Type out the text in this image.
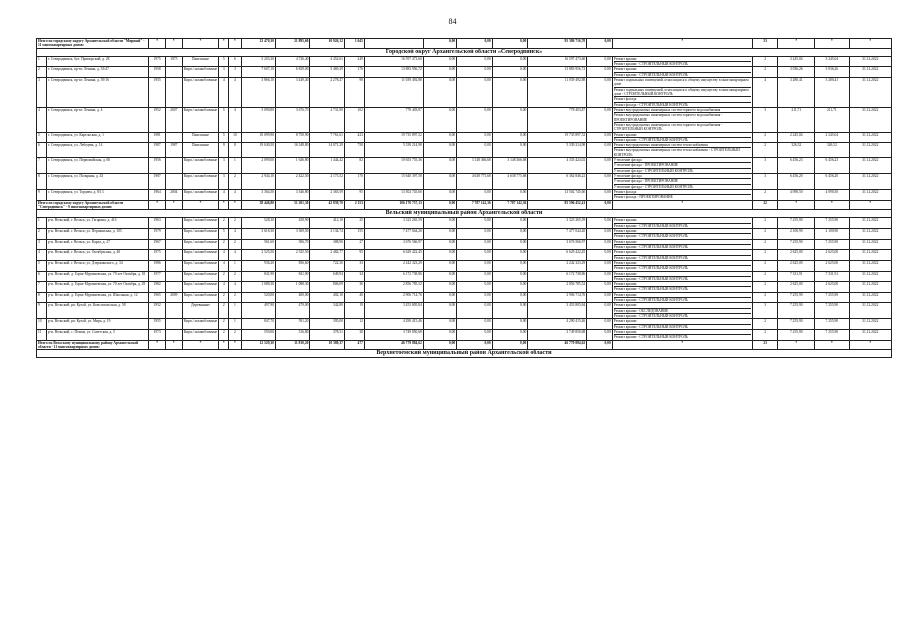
84
Итого по городскому округу Архангельской области "Мирный" - 11 многоквартирных домов:		*	*	*	*	*	23 470,30	21 895,60	10 926,12	1 645		0,00	0,00	0,00	95 386 716,70	0,00	*	53	*	*	*
Городской округ Архангельской области «Северодвинск»																					
1	г. Северодвинск, бул. Приморский, д. 28	1975	1975	Панельные	5	6	5 203,30	4 726,40	4 452,61	249	16 597 473,60	0,00	0,00	0,00	16 597 473,60	0,00	Ремонт крыши
Ремонт крыши - СТРОИТЕЛЬНЫЙ КОНТРОЛЬ	2	3 245,04	3 245,04	31.12.2022
2	г. Северодвинск, пр-кт. Ленина, д. 33/47	1958		Кирп./ шлакоблочные	3	3	7 607,10	6 829,00	5 469,29	176	13 883 956,72	0,00	0,00	0,00	13 883 956,72	0,00	Ремонт крыши
Ремонт крыши - СТРОИТЕЛЬНЫЙ КОНТРОЛЬ	2	3 036,26	3 036,26	31.12.2022
3	г. Северодвинск, пр-кт. Ленина, д. 39/16	1955		Кирп./ шлакоблочные	4	4	3 866,10	3 449,40	2 278,47	98	11 039 492,88	0,00	0,00	0,00	11 039 492,88	0,00	Ремонт подвальных помещений, относящихся к общему имуществу в многоквартирном доме
Ремонт подвальных помещений, относящихся к общему имуществу в многоквартирном доме - СТРОИТЕЛЬНЫЙ КОНТРОЛЬ
Ремонт фасада
Ремонт фасада - СТРОИТЕЛЬНЫЙ КОНТРОЛЬ	4	3 280,41	3 280,41	31.12.2022
4	г. Северодвинск, пр-кт. Ленина, д. 4	1952	2007	Кирп./ шлакоблочные	5	4	3 090,80	3 676,70	2 731,90	102	778 403,87	0,00	0,00	0,00	778 403,87	0,00	Ремонт внутридомовых инженерных систем горячего водоснабжения
Ремонт внутридомовых инженерных систем горячего водоснабжения - ПРОЕКТИРОВАНИЕ
Ремонт внутридомовых инженерных систем горячего водоснабжения - СТРОИТЕЛЬНЫЙ КОНТРОЛЬ	3	211,71	211,71	31.12.2022
5	г. Северодвинск, ул. Карельская, д. 1	1981		Панельные	5	10	10 099,90	8 750,90	7 761,61	423	19 735 897,52	0,00	0,00	0,00	19 735 897,52	0,00	Ремонт крыши
Ремонт крыши - СТРОИТЕЛЬНЫЙ КОНТРОЛЬ	2	2 245,04	2 245,04	31.12.2022
6	г. Северодвинск, ул. Лебедева, д. 14	1987	1987	Панельные	9	8	19 040,50	16 348,80	14 071,29	758	5 339 214,98	0,00	0,00	0,00	5 339 214,98	0,00	Ремонт внутридомовых инженерных систем теплоснабжения
Ремонт внутридомовых инженерных систем теплоснабжения - СТРОИТЕЛЬНЫЙ КОНТРОЛЬ	2	326,52	326,52	31.12.2022
7	г. Северодвинск, ул. Первомайская, д. 66	1956		Кирп./ шлакоблочные	3	1	2 099,00	1 646,80	1 444,42	82	10 653 755,36	0,00	3 148 366,68	3 148 366,68	4 335 424,02	0,00	Утепление фасада
Утепление фасада - ПРОЕКТИРОВАНИЕ
Утепление фасада - СТРОИТЕЛЬНЫЙ КОНТРОЛЬ	3	6 456,23	6 456,23	31.12.2022
8	г. Северодвинск, ул. Полярная, д. 43	1987		Кирп./ шлакоблочные	3	2	2 944,10	2 422,50	2 173,52	170	15 640 397,58	0,00	4 638 775,68	4 638 775,68	6 362 846,22	0,00	Утепление фасада
Утепление фасада - ПРОЕКТИРОВАНИЕ
Утепление фасада - СТРОИТЕЛЬНЫЙ КОНТРОЛЬ	3	6 456,20	6 456,20	31.12.2022
9	г. Северодвинск, ул. Торцева, д. 8/13	1964	2004	Кирп./ шлакоблочные	4	4	3 364,50	3 346,80	2 365,59	95	13 502 745,60	0,00	0,00	0,00	13 502 745,60	0,00	Ремонт фасада
Ремонт фасада - ПРОЕКТИРОВАНИЕ	2	4 090,50	4 090,50	31.12.2022
Итого по городскому округу Архангельской области "Северодвинск" - 9 многоквартирных домов:		*	*	*	*	*	58 446,80	51 201,30	42 839,70	2 153	106 170 737,13	0,00	7 787 142,36	7 787 142,36	85 596 452,41	0,00	*	22	*	*	*
Вельский муниципальный район Архангельской области																					
1	р-н. Вельский, г. Вельск, ул. Гагарина, д. 41б	1963		Кирп./ шлакоблочные	2	2	528,30	458,90	412,10	25	3 323 265,59	0,00	0,00	0,00	3 323 265,59	0,00	Ремонт крыши
Ремонт крыши - СТРОИТЕЛЬНЫЙ КОНТРОЛЬ	2	7 255,90	7 255,90	31.12.2022
2	р-н. Вельский, г. Вельск, ул. Першинская, д. 105	1979		Кирп./ шлакоблочные	5	4	3 618,30	3 369,50	3 134,74	155	7 477 044,20	0,00	0,00	0,00	7 477 044,20	0,00	Ремонт крыши
Ремонт крыши - СТРОИТЕЛЬНЫЙ КОНТРОЛЬ	2	2 100,90	2 100,90	31.12.2022
3	р-н. Вельский, г. Вельск, ул. Карла, д. 27	1967		Кирп./ шлакоблочные	2	2	561,60	506,70	388,90	27	3 676 566,97	0,00	0,00	0,00	3 676 566,97	0,00	Ремонт крыши
Ремонт крыши - СТРОИТЕЛЬНЫЙ КОНТРОЛЬ	2	7 255,90	7 255,90	31.12.2022
4	р-н. Вельский, г. Вельск, ул. Октябрьская, д. 48	1975		Кирп./ шлакоблочные	4	4	2 525,50	2 525,50	2 482,77	95	6 629 422,45	0,00	0,00	0,00	6 629 422,45	0,00	Ремонт крыши
Ремонт крыши - СТРОИТЕЛЬНЫЙ КОНТРОЛЬ	2	2 625,00	2 625,00	31.12.2022
5	р-н. Вельский, г. Вельск, ул. Дзержинского, д. 34	1986		Кирп./ шлакоблочные	4	1	936,20	856,60	722,30	33	2 242 323,29	0,00	0,00	0,00	2 242 323,29	0,00	Ремонт крыши
Ремонт крыши - СТРОИТЕЛЬНЫЙ КОНТРОЛЬ	2	2 625,00	2 625,00	31.12.2022
6	р-н. Вельский, д. Горка-Муравьевская, ул. 70 лет Октября, д. 18	1977		Кирп./ шлакоблочные	2	2	841,90	841,90	649,94	34	6 172 738,86	0,00	0,00	0,00	6 172 738,86	0,00	Ремонт крыши
Ремонт крыши - СТРОИТЕЛЬНЫЙ КОНТРОЛЬ	2	7 331,91	7 331,91	31.12.2022
7	р-н. Вельский, д. Горка-Муравьевская, ул. 70 лет Октября, д. 29	1982		Кирп./ шлакоблочные	4	4	1 088,30	1 088,30	806,09	36	2 856 785,52	0,00	0,00	0,00	2 856 785,52	0,00	Ремонт крыши
Ремонт крыши - СТРОИТЕЛЬНЫЙ КОНТРОЛЬ	2	2 625,00	2 625,00	31.12.2022
8	р-н. Вельский, д. Горка-Муравьевская, ул. Школьная, д. 12	1965	2009	Кирп./ шлакоблочные	2	2	520,00	400,00	402,10	40	2 906 714,76	0,00	0,00	0,00	2 906 714,76	0,00	Ремонт крыши
Ремонт крыши - СТРОИТЕЛЬНЫЙ КОНТРОЛЬ	2	7 255,90	7 255,90	31.12.2022
9	р-н. Вельский, рп. Кулой, ул. Комсомольская, д. 58	1952		Деревянные	2	1	497,90	470,00	342,80	19	3 453 805,84	0,00	0,00	0,00	3 453 805,84	0,00	Ремонт крыши
Ремонт крыши - ОБСЛЕДОВАНИЕ
Ремонт крыши - СТРОИТЕЛЬНЫЙ КОНТРОЛЬ	3	7 255,90	7 255,90	31.12.2022
10	р-н. Вельский, рп. Кулой, ул. Мира, д. 19	1955		Кирп./ шлакоблочные	2	1	847,70	591,20	395,00	12	4 290 415,46	0,00	0,00	0,00	4 290 415,46	0,00	Ремонт крыши
Ремонт крыши - СТРОИТЕЛЬНЫЙ КОНТРОЛЬ	2	7 255,90	7 255,90	31.12.2022
11	р-н. Вельский, с. Пежма, ул. Советская, д. 5	1973		Кирп./ шлакоблочные	2	2	559,00	516,80	378,31	30	3 749 850,68	0,00	0,00	0,00	3 749 850,68	0,00	Ремонт крыши
Ремонт крыши - СТРОИТЕЛЬНЫЙ КОНТРОЛЬ	2	7 255,90	7 255,90	31.12.2022
Итого по Вельскому муниципальному району Архангельской области - 11 многоквартирных домов:		*	*	*	*	*	12 529,30	11 830,20	10 380,37	477	46 779 884,62	0,00	0,00	0,00	46 779 884,62	0,00	*	23	*	*	*
Верхнетоемский муниципальный район Архангельской области																					
